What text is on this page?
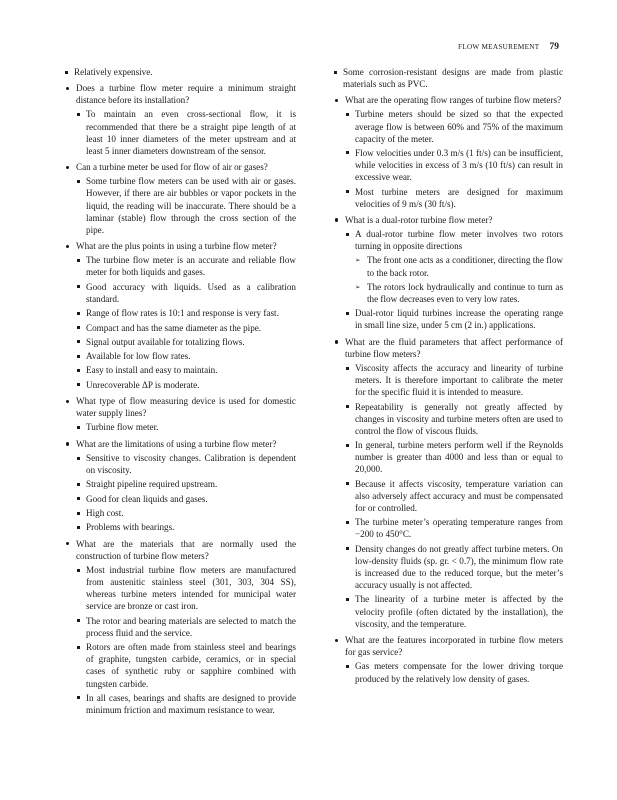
FLOW MEASUREMENT 79
Relatively expensive.
Does a turbine flow meter require a minimum straight distance before its installation?
To maintain an even cross-sectional flow, it is recommended that there be a straight pipe length of at least 10 inner diameters of the meter upstream and at least 5 inner diameters downstream of the sensor.
Can a turbine meter be used for flow of air or gases?
Some turbine flow meters can be used with air or gases. However, if there are air bubbles or vapor pockets in the liquid, the reading will be inaccurate. There should be a laminar (stable) flow through the cross section of the pipe.
What are the plus points in using a turbine flow meter?
The turbine flow meter is an accurate and reliable flow meter for both liquids and gases.
Good accuracy with liquids. Used as a calibration standard.
Range of flow rates is 10:1 and response is very fast.
Compact and has the same diameter as the pipe.
Signal output available for totalizing flows.
Available for low flow rates.
Easy to install and easy to maintain.
Unrecoverable ΔP is moderate.
What type of flow measuring device is used for domestic water supply lines?
Turbine flow meter.
What are the limitations of using a turbine flow meter?
Sensitive to viscosity changes. Calibration is dependent on viscosity.
Straight pipeline required upstream.
Good for clean liquids and gases.
High cost.
Problems with bearings.
What are the materials that are normally used the construction of turbine flow meters?
Most industrial turbine flow meters are manufactured from austenitic stainless steel (301, 303, 304 SS), whereas turbine meters intended for municipal water service are bronze or cast iron.
The rotor and bearing materials are selected to match the process fluid and the service.
Rotors are often made from stainless steel and bearings of graphite, tungsten carbide, ceramics, or in special cases of synthetic ruby or sapphire combined with tungsten carbide.
In all cases, bearings and shafts are designed to provide minimum friction and maximum resistance to wear.
Some corrosion-resistant designs are made from plastic materials such as PVC.
What are the operating flow ranges of turbine flow meters?
Turbine meters should be sized so that the expected average flow is between 60% and 75% of the maximum capacity of the meter.
Flow velocities under 0.3 m/s (1 ft/s) can be insufficient, while velocities in excess of 3 m/s (10 ft/s) can result in excessive wear.
Most turbine meters are designed for maximum velocities of 9 m/s (30 ft/s).
What is a dual-rotor turbine flow meter?
A dual-rotor turbine flow meter involves two rotors turning in opposite directions
➢ The front one acts as a conditioner, directing the flow to the back rotor.
➢ The rotors lock hydraulically and continue to turn as the flow decreases even to very low rates.
Dual-rotor liquid turbines increase the operating range in small line size, under 5 cm (2 in.) applications.
What are the fluid parameters that affect performance of turbine flow meters?
Viscosity affects the accuracy and linearity of turbine meters. It is therefore important to calibrate the meter for the specific fluid it is intended to measure.
Repeatability is generally not greatly affected by changes in viscosity and turbine meters often are used to control the flow of viscous fluids.
In general, turbine meters perform well if the Reynolds number is greater than 4000 and less than or equal to 20,000.
Because it affects viscosity, temperature variation can also adversely affect accuracy and must be compensated for or controlled.
The turbine meter’s operating temperature ranges from −200 to 450°C.
Density changes do not greatly affect turbine meters. On low-density fluids (sp. gr. < 0.7), the minimum flow rate is increased due to the reduced torque, but the meter’s accuracy usually is not affected.
The linearity of a turbine meter is affected by the velocity profile (often dictated by the installation), the viscosity, and the temperature.
What are the features incorporated in turbine flow meters for gas service?
Gas meters compensate for the lower driving torque produced by the relatively low density of gases.
